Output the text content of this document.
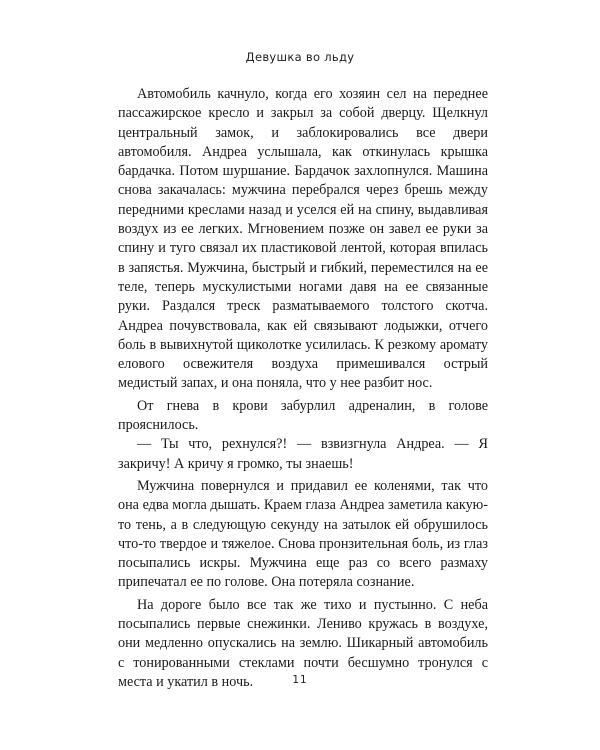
Девушка во льду

Автомобиль качнуло, когда его хозяин сел на переднее пассажирское кресло и закрыл за собой дверцу. Щелкнул центральный замок, и заблокировались все двери автомобиля. Андреа услышала, как откинулась крышка бардачка. Потом шуршание. Бардачок захлопнулся. Машина снова закачалась: мужчина перебрался через брешь между передними креслами назад и уселся ей на спину, выдавливая воздух из ее легких. Мгновением позже он завел ее руки за спину и туго связал их пластиковой лентой, которая впилась в запястья. Мужчина, быстрый и гибкий, переместился на ее теле, теперь мускулистыми ногами давя на ее связанные руки. Раздался треск разматываемого толстого скотча. Андреа почувствовала, как ей связывают лодыжки, отчего боль в вывихнутой щиколотке усилилась. К резкому аромату елового освежителя воздуха примешивался острый медистый запах, и она поняла, что у нее разбит нос.

От гнева в крови забурлил адреналин, в голове прояснилось.

— Ты что, рехнулся?! — взвизгнула Андреа. — Я закричу! А кричу я громко, ты знаешь!

Мужчина повернулся и придавил ее коленями, так что она едва могла дышать. Краем глаза Андреа заметила какую-то тень, а в следующую секунду на затылок ей обрушилось что-то твердое и тяжелое. Снова пронзительная боль, из глаз посыпались искры. Мужчина еще раз со всего размаху припечатал ее по голове. Она потеряла сознание.

На дороге было все так же тихо и пустынно. С неба посыпались первые снежинки. Лениво кружась в воздухе, они медленно опускались на землю. Шикарный автомобиль с тонированными стеклами почти бесшумно тронулся с места и укатил в ночь.	11
